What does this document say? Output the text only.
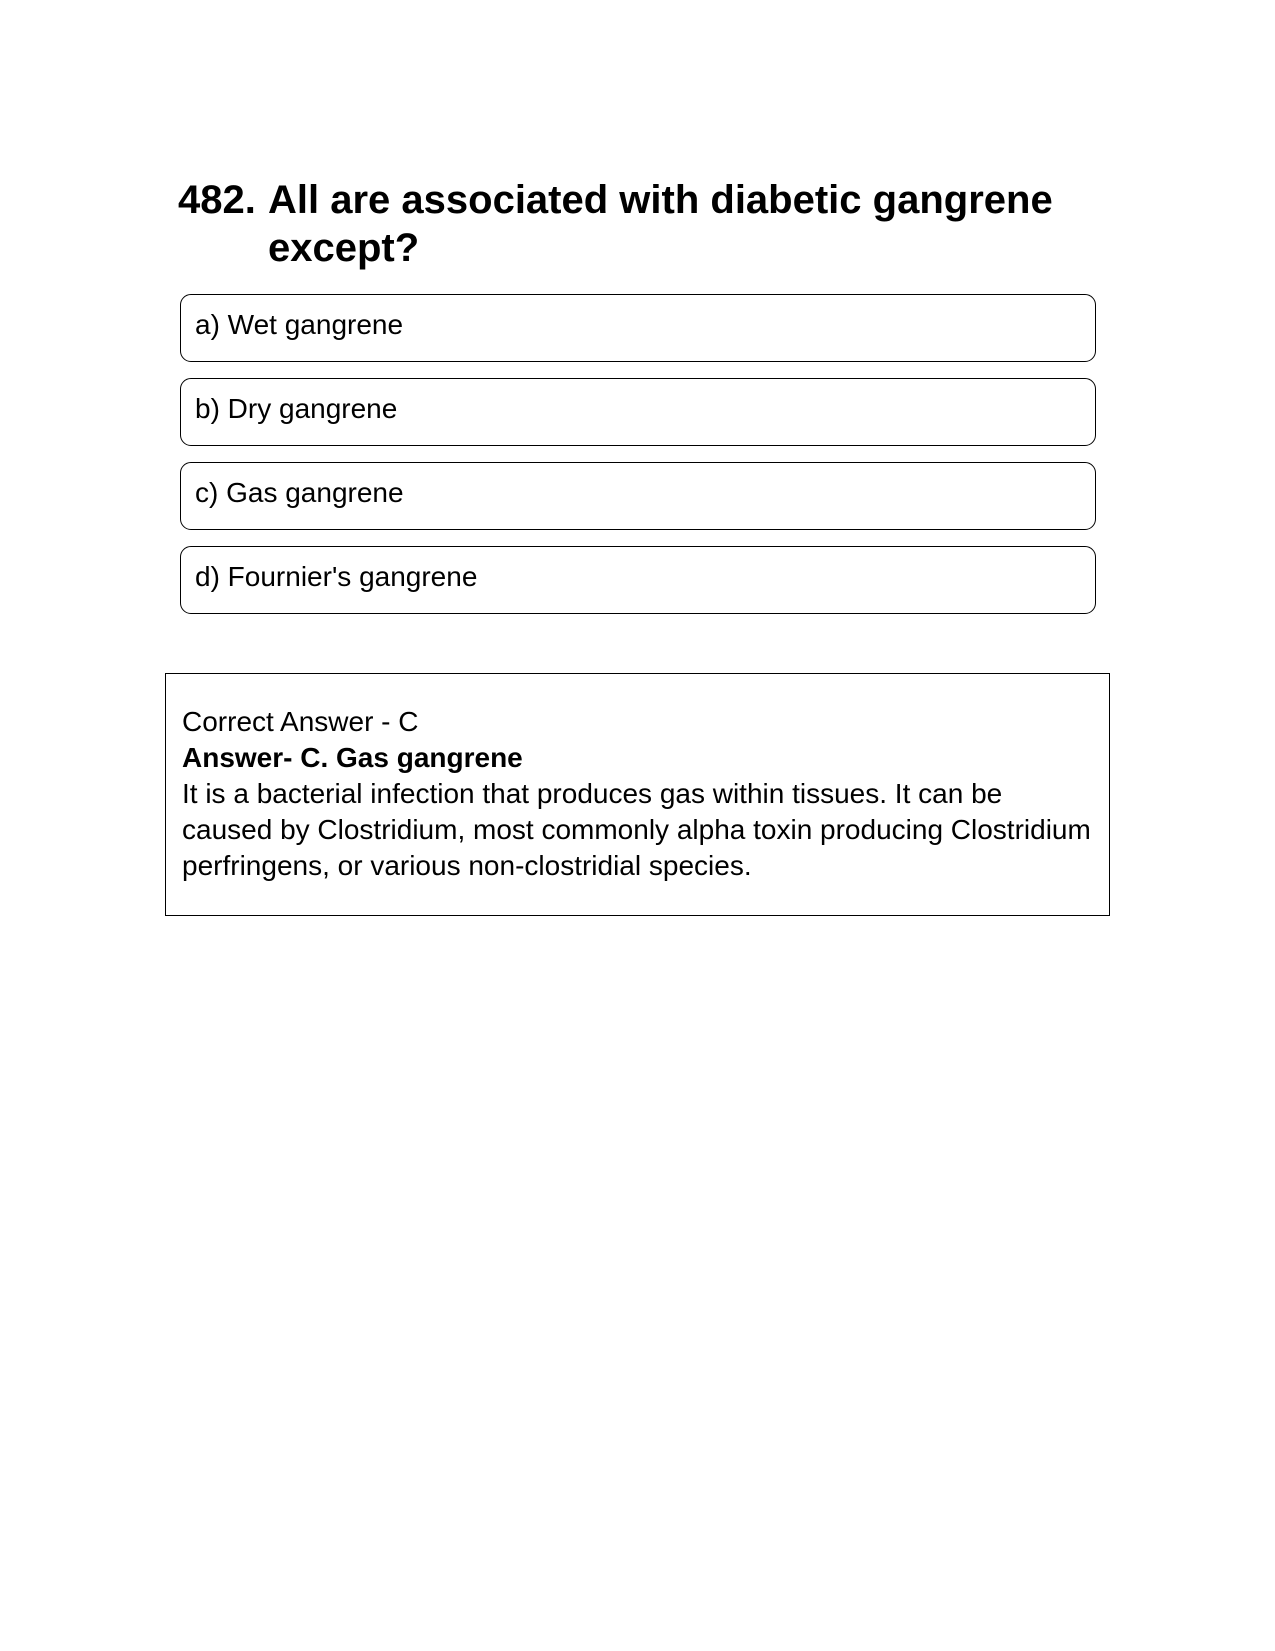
482. All are associated with diabetic gangrene except?
a) Wet gangrene
b) Dry gangrene
c) Gas gangrene
d) Fournier's gangrene
Correct Answer - C
Answer- C. Gas gangrene
It is a bacterial infection that produces gas within tissues. It can be caused by Clostridium, most commonly alpha toxin producing Clostridium perfringens, or various non-clostridial species.
